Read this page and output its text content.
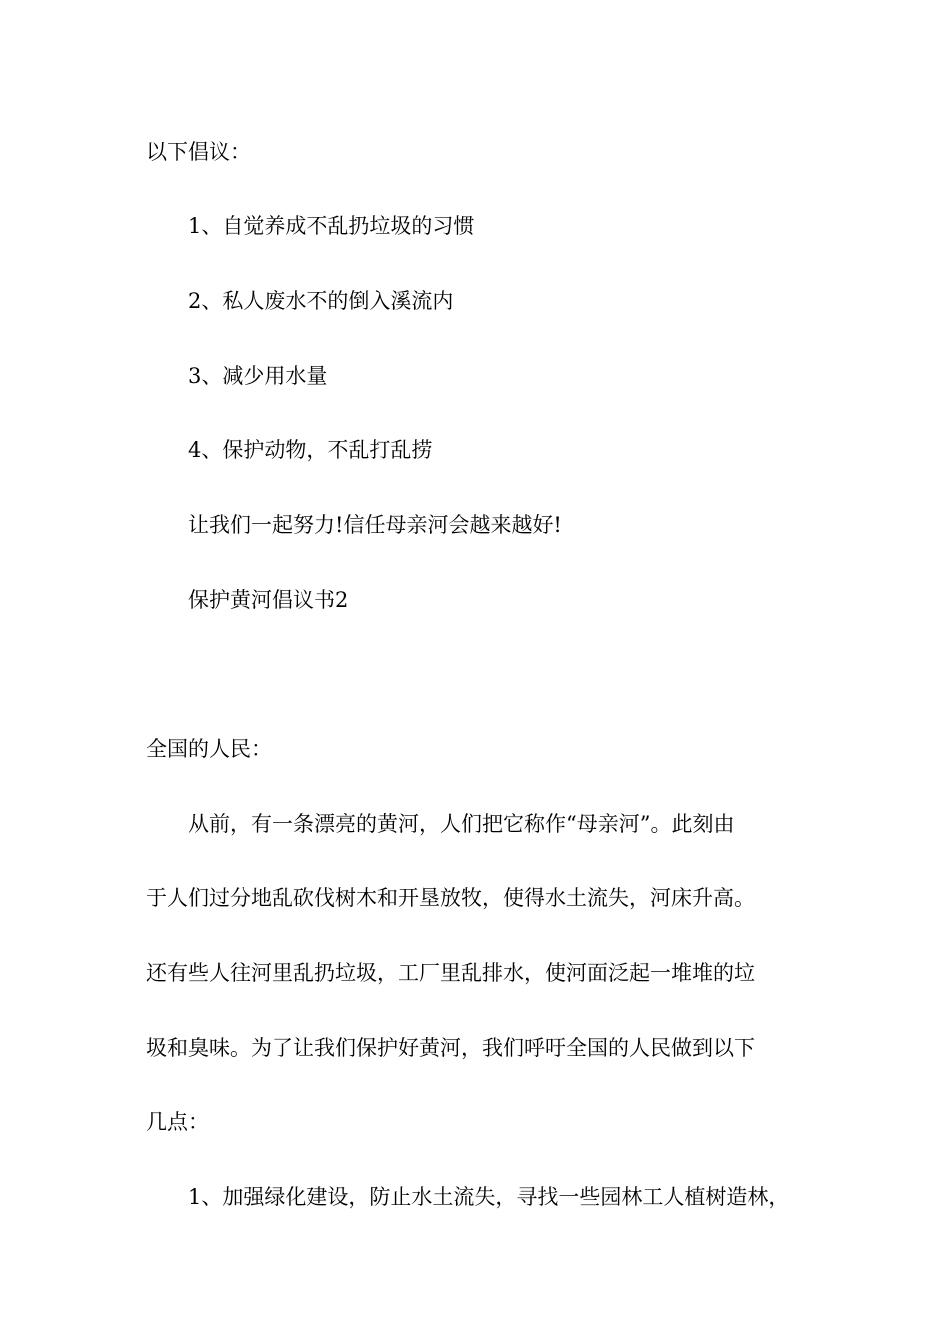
以下倡议：
1、自觉养成不乱扔垃圾的习惯
2、私人废水不的倒入溪流内
3、减少用水量
4、保护动物，不乱打乱捞
让我们一起努力!信任母亲河会越来越好!
保护黄河倡议书2
全国的人民：
从前，有一条漂亮的黄河，人们把它称作“母亲河”。此刻由
于人们过分地乱砍伐树木和开垦放牧，使得水土流失，河床升高。
还有些人往河里乱扔垃圾，工厂里乱排水，使河面泛起一堆堆的垃
圾和臭味。为了让我们保护好黄河，我们呼吁全国的人民做到以下
几点：
1、加强绿化建设，防止水土流失，寻找一些园林工人植树造林，
